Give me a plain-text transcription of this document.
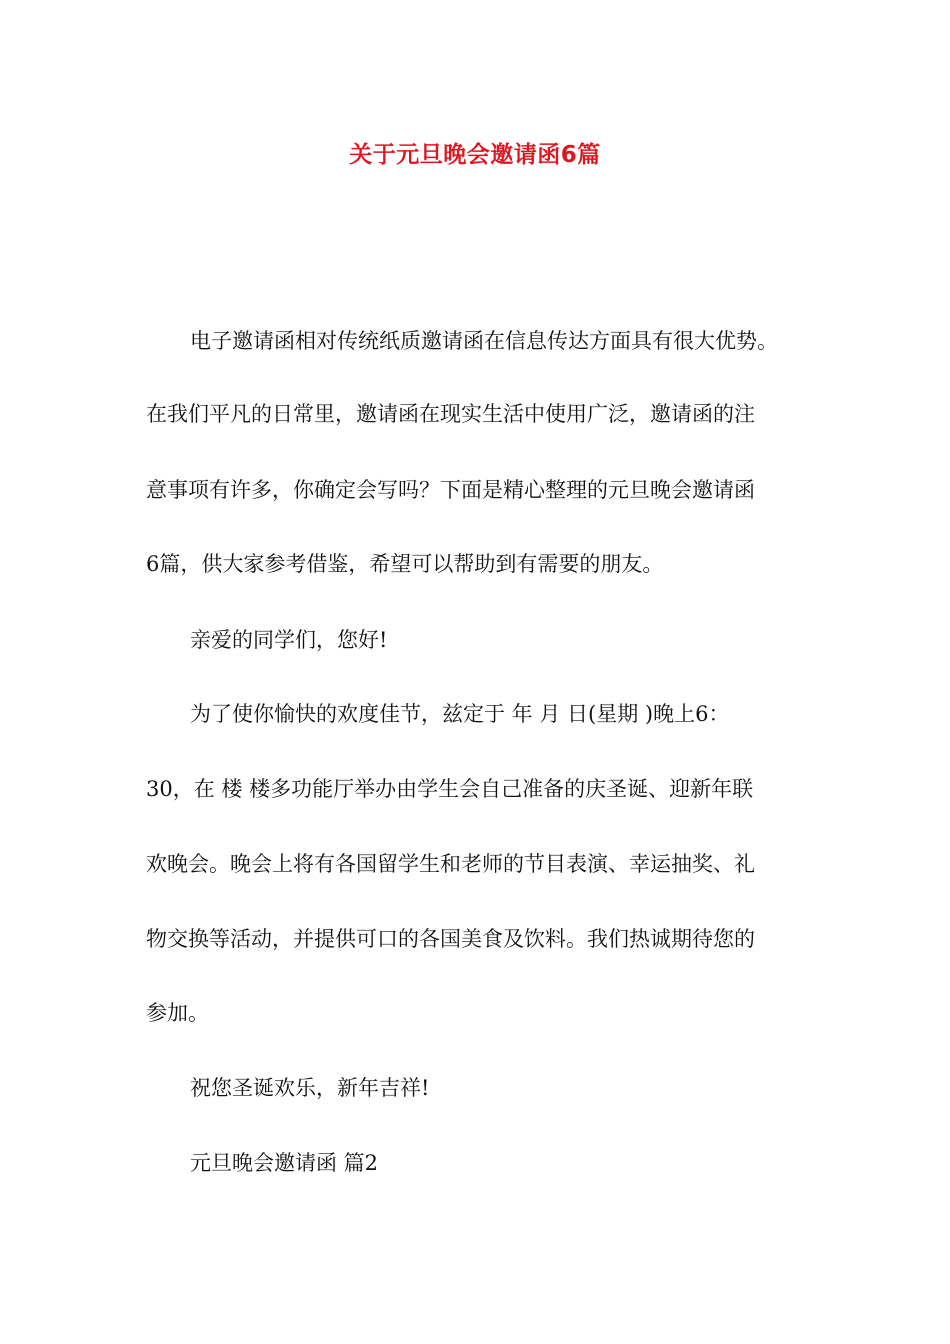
关于元旦晚会邀请函6篇
电子邀请函相对传统纸质邀请函在信息传达方面具有很大优势。
在我们平凡的日常里，邀请函在现实生活中使用广泛，邀请函的注
意事项有许多，你确定会写吗？下面是精心整理的元旦晚会邀请函
6篇，供大家参考借鉴，希望可以帮助到有需要的朋友。
亲爱的同学们，您好!
为了使你愉快的欢度佳节，兹定于 年 月 日(星期 )晚上6：
30，在 楼 楼多功能厅举办由学生会自己准备的庆圣诞、迎新年联
欢晚会。晚会上将有各国留学生和老师的节目表演、幸运抽奖、礼
物交换等活动，并提供可口的各国美食及饮料。我们热诚期待您的
参加。
祝您圣诞欢乐，新年吉祥!
元旦晚会邀请函 篇2
